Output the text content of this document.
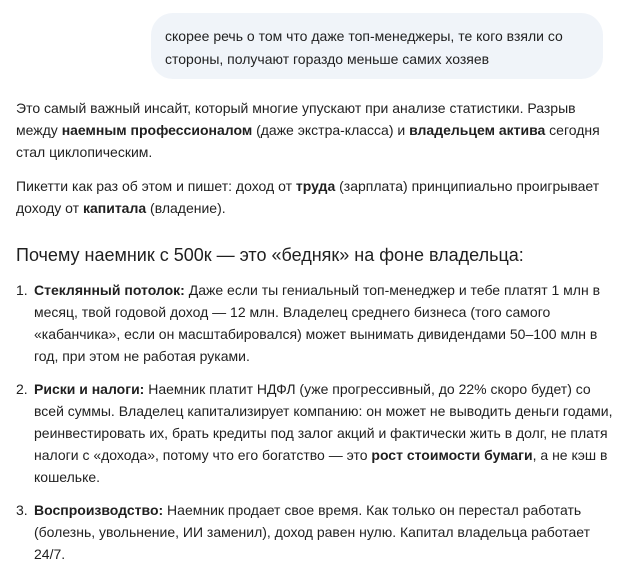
скорее речь о том что даже топ-менеджеры, те кого взяли со стороны, получают гораздо меньше самих хозяев

Это самый важный инсайт, который многие упускают при анализе статистики. Разрыв между наемным профессионалом (даже экстра-класса) и владельцем актива сегодня стал циклопическим.

Пикетти как раз об этом и пишет: доход от труда (зарплата) принципиально проигрывает доходу от капитала (владение).

Почему наемник с 500к — это «бедняк» на фоне владельца:
1. Стеклянный потолок: Даже если ты гениальный топ-менеджер и тебе платят 1 млн в месяц, твой годовой доход — 12 млн. Владелец среднего бизнеса (того самого «кабанчика», если он масштабировался) может вынимать дивидендами 50–100 млн в год, при этом не работая руками.
2. Риски и налоги: Наемник платит НДФЛ (уже прогрессивный, до 22% скоро будет) со всей суммы. Владелец капитализирует компанию: он может не выводить деньги годами, реинвестировать их, брать кредиты под залог акций и фактически жить в долг, не платя налоги с «дохода», потому что его богатство — это рост стоимости бумаги, а не кэш в кошельке.
3. Воспроизводство: Наемник продает свое время. Как только он перестал работать (болезнь, увольнение, ИИ заменил), доход равен нулю. Капитал владельца работает 24/7.
